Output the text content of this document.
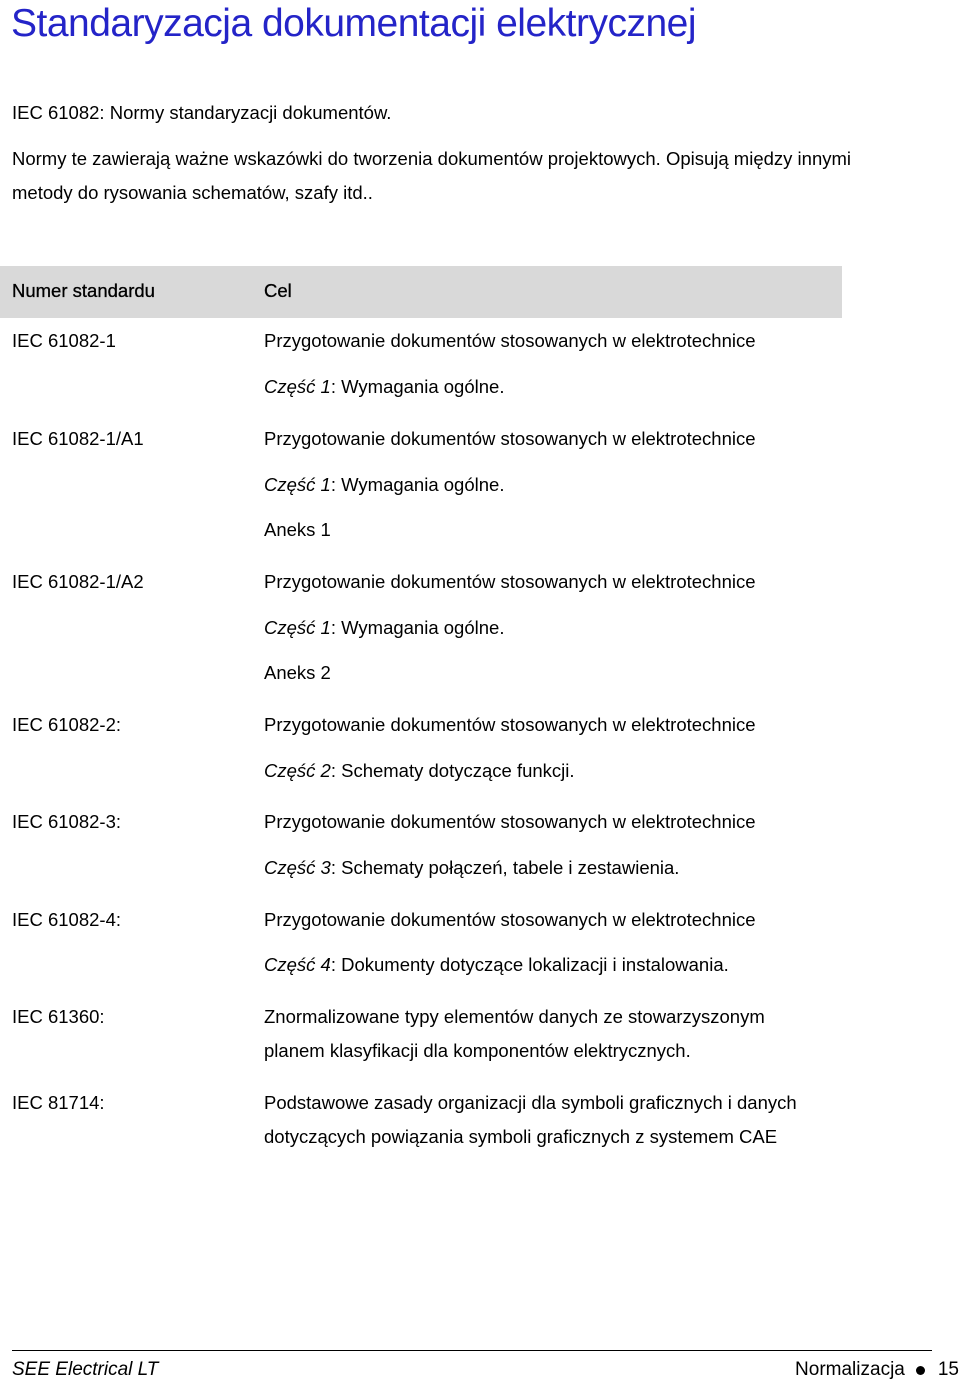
Standaryzacja dokumentacji elektrycznej
IEC 61082: Normy standaryzacji dokumentów.
Normy te zawierają ważne wskazówki do tworzenia dokumentów projektowych. Opisują między innymi
metody do rysowania schematów, szafy itd..
Numer standardu	Cel
IEC 61082-1	Przygotowanie dokumentów stosowanych w elektrotechnice
Część 1: Wymagania ogólne.
IEC 61082-1/A1	Przygotowanie dokumentów stosowanych w elektrotechnice
Część 1: Wymagania ogólne.
Aneks 1
IEC 61082-1/A2	Przygotowanie dokumentów stosowanych w elektrotechnice
Część 1: Wymagania ogólne.
Aneks 2
IEC 61082-2:	Przygotowanie dokumentów stosowanych w elektrotechnice
Część 2: Schematy dotyczące funkcji.
IEC 61082-3:	Przygotowanie dokumentów stosowanych w elektrotechnice
Część 3: Schematy połączeń, tabele i zestawienia.
IEC 61082-4:	Przygotowanie dokumentów stosowanych w elektrotechnice
Część 4: Dokumenty dotyczące lokalizacji i instalowania.
IEC 61360:	Znormalizowane typy elementów danych ze stowarzyszonym
planem klasyfikacji dla komponentów elektrycznych.
IEC 81714:	Podstawowe zasady organizacji dla symboli graficznych i danych
dotyczących powiązania symboli graficznych z systemem CAE
SEE Electrical LT	Normalizacja 15
